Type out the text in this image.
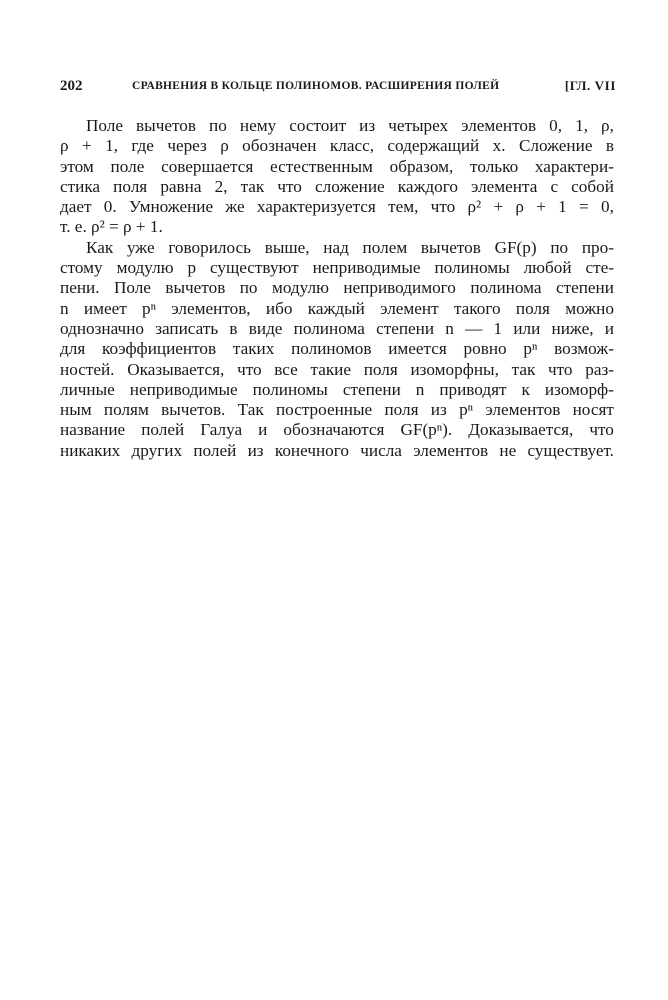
202	СРАВНЕНИЯ В КОЛЬЦЕ ПОЛИНОМОВ. РАСШИРЕНИЯ ПОЛЕЙ	[ГЛ. VII
Поле вычетов по нему состоит из четырех элементов 0, 1, ρ,
ρ + 1, где через ρ обозначен класс, содержащий x. Сложение в
этом поле совершается естественным образом, только характери-
стика поля равна 2, так что сложение каждого элемента с собой
дает 0. Умножение же характеризуется тем, что ρ² + ρ + 1 = 0,
т. е. ρ² = ρ + 1.
Как уже говорилось выше, над полем вычетов GF(p) по про-
стому модулю p существуют неприводимые полиномы любой сте-
пени. Поле вычетов по модулю неприводимого полинома степени
n имеет pⁿ элементов, ибо каждый элемент такого поля можно
однозначно записать в виде полинома степени n — 1 или ниже, и
для коэффициентов таких полиномов имеется ровно pⁿ возмож-
ностей. Оказывается, что все такие поля изоморфны, так что раз-
личные неприводимые полиномы степени n приводят к изоморф-
ным полям вычетов. Так построенные поля из pⁿ элементов носят
название полей Галуа и обозначаются GF(pⁿ). Доказывается, что
никаких других полей из конечного числа элементов не существует.
